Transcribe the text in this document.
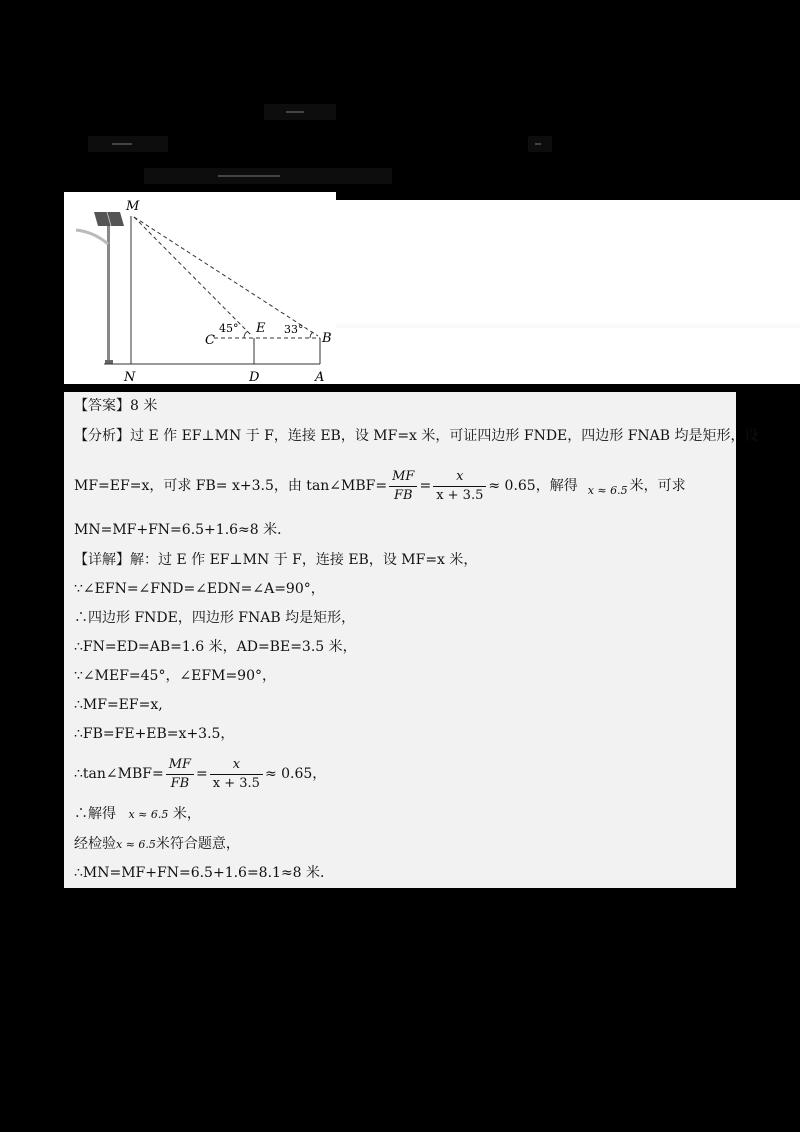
M
N
C
E
B
D	A
45°	33°
【答案】8 米
【分析】过 E 作 EF⊥MN 于 F，连接 EB，设 MF=x 米，可证四边形 FNDE，四边形 FNAB 均是矩形，设
MF=EF=x，可求 FB= x+3.5，由 tan∠MBF= $\frac{MF}{FB} = \frac{x}{x + 3.5} \approx 0.65$，解得 x ≈ 6.5 米，可求
MN=MF+FN=6.5+1.6≈8 米．
【详解】解：过 E 作 EF⊥MN 于 F，连接 EB，设 MF=x 米，
∵∠EFN=∠FND=∠EDN=∠A=90°，
∴四边形 FNDE，四边形 FNAB 均是矩形，
∴FN=ED=AB=1.6 米，AD=BE=3.5 米，
∵∠MEF=45°，∠EFM=90°，
∴MF=EF=x,
∴FB=FE+EB=x+3.5，
∴tan∠MBF= $\frac{MF}{FB} = \frac{x}{x + 3.5} \approx 0.65$，
∴解得 x ≈ 6.5 米，
经检验x ≈ 6.5米符合题意，
∴MN=MF+FN=6.5+1.6=8.1≈8 米．
